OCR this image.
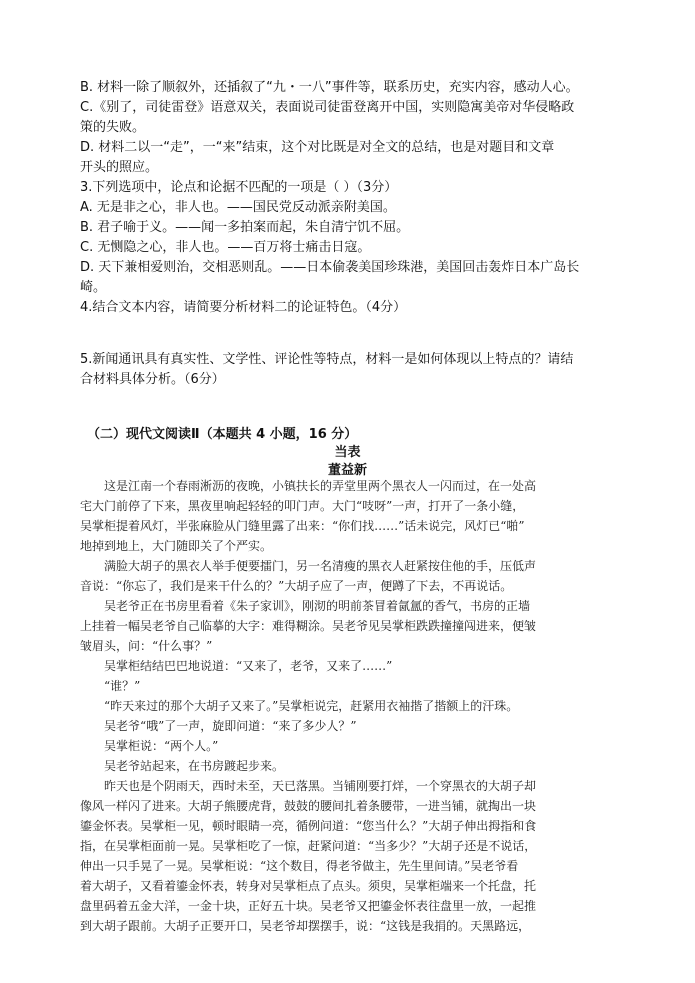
B. 材料一除了顺叙外，还插叙了“九・一八”事件等，联系历史，充实内容，感动人心。
C.《别了，司徒雷登》语意双关，表面说司徒雷登离开中国，实则隐寓美帝对华侵略政
策的失败。
D. 材料二以一“走”，一“来”结束，这个对比既是对全文的总结，也是对题目和文章
开头的照应。
3.下列选项中，论点和论据不匹配的一项是（ ）（3分）
A. 无是非之心，非人也。——国民党反动派亲附美国。
B. 君子喻于义。——闻一多拍案而起，朱自清宁饥不屈。
C. 无恻隐之心，非人也。——百万将士痛击日寇。
D. 天下兼相爱则治，交相恶则乱。——日本偷袭美国珍珠港，美国回击轰炸日本广岛长
崎。
4.结合文本内容，请简要分析材料二的论证特色。（4分）
5.新闻通讯具有真实性、文学性、评论性等特点，材料一是如何体现以上特点的？请结
合材料具体分析。（6分）
（二）现代文阅读Ⅱ（本题共 4 小题，16 分）
当表
董益新
这是江南一个春雨淅沥的夜晚，小镇扶长的弄堂里两个黑衣人一闪而过，在一处高
宅大门前停了下来，黑夜里响起轻轻的叩门声。大门“吱呀”一声，打开了一条小缝，
吴掌柜提着风灯，半张麻脸从门缝里露了出来：“你们找……”话未说完，风灯已“啪”
地掉到地上，大门随即关了个严实。
满脸大胡子的黑衣人举手便要擂门，另一名清瘦的黑衣人赶紧按住他的手，压低声
音说：“你忘了，我们是来干什么的？”大胡子应了一声，便蹲了下去，不再说话。
吴老爷正在书房里看着《朱子家训》，刚沏的明前茶冒着氤氲的香气，书房的正墙
上挂着一幅吴老爷自己临摹的大字：难得糊涂。吴老爷见吴掌柜跌跌撞撞闯进来，便皱
皱眉头，问：“什么事？”
吴掌柜结结巴巴地说道：“又来了，老爷，又来了……”
“谁？”
“昨天来过的那个大胡子又来了。”吴掌柜说完，赶紧用衣袖揩了揩额上的汗珠。
吴老爷“哦”了一声，旋即问道：“来了多少人？”
吴掌柜说：“两个人。”
吴老爷站起来，在书房踱起步来。
昨天也是个阴雨天，西时未至，天已落黑。当铺刚要打烊，一个穿黑衣的大胡子却
像风一样闪了进来。大胡子熊腰虎背，鼓鼓的腰间扎着条腰带，一进当铺，就掏出一块
鎏金怀表。吴掌柜一见，顿时眼睛一亮，循例问道：“您当什么？”大胡子伸出拇指和食
指，在吴掌柜面前一晃。吴掌柜吃了一惊，赶紧问道：“当多少？”大胡子还是不说话，
伸出一只手晃了一晃。吴掌柜说：“这个数目，得老爷做主，先生里间请。”吴老爷看
着大胡子，又看着鎏金怀表，转身对吴掌柜点了点头。须臾，吴掌柜端来一个托盘，托
盘里码着五金大洋，一金十块，正好五十块。吴老爷又把鎏金怀表往盘里一放，一起推
到大胡子跟前。大胡子正要开口，吴老爷却摆摆手，说：“这钱是我捐的。天黑路远，
